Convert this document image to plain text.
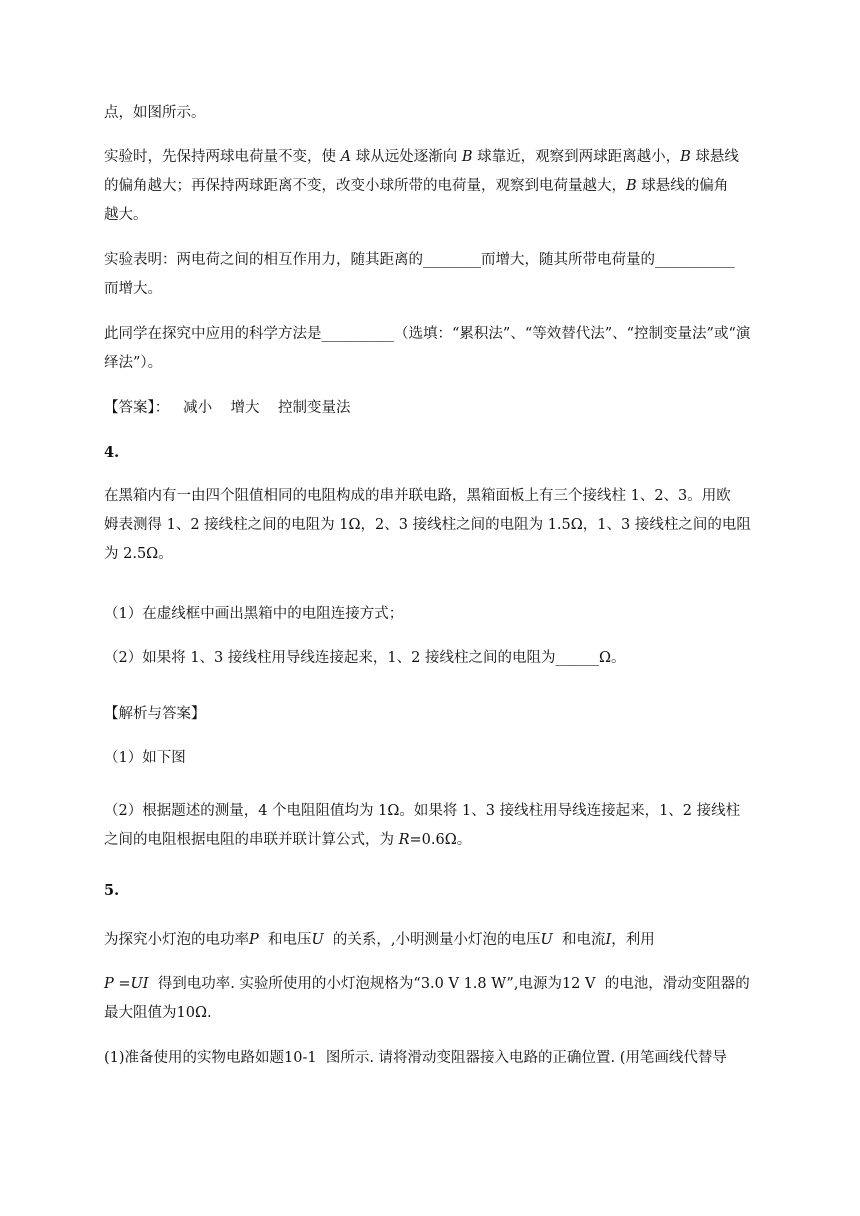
点，如图所示。

实验时，先保持两球电荷量不变，使 A 球从远处逐渐向 B 球靠近，观察到两球距离越小，B 球悬线
的偏角越大；再保持两球距离不变，改变小球所带的电荷量，观察到电荷量越大，B 球悬线的偏角
越大。

实验表明：两电荷之间的相互作用力，随其距离的________而增大，随其所带电荷量的___________
而增大。

此同学在探究中应用的科学方法是__________（选填：“累积法”、“等效替代法”、“控制变量法”或“演
绎法”）。

【答案】： 减小 增大 控制变量法

4.

在黑箱内有一由四个阻值相同的电阻构成的串并联电路，黑箱面板上有三个接线柱 1、2、3。用欧
姆表测得 1、2 接线柱之间的电阻为 1Ω，2、3 接线柱之间的电阻为 1.5Ω，1、3 接线柱之间的电阻
为 2.5Ω。

（1）在虚线框中画出黑箱中的电阻连接方式；

（2）如果将 1、3 接线柱用导线连接起来，1、2 接线柱之间的电阻为______Ω。

【解析与答案】

（1）如下图

（2）根据题述的测量，4 个电阻阻值均为 1Ω。如果将 1、3 接线柱用导线连接起来，1、2 接线柱
之间的电阻根据电阻的串联并联计算公式，为 R=0.6Ω。

5.

为探究小灯泡的电功率P  和电压U  的关系，,小明测量小灯泡的电压U  和电流I，利用

P =UI  得到电功率. 实验所使用的小灯泡规格为“3.0 V 1.8 W”,电源为12 V  的电池，滑动变阻器的
最大阻值为10Ω.

(1)准备使用的实物电路如题10-1  图所示. 请将滑动变阻器接入电路的正确位置. (用笔画线代替导
